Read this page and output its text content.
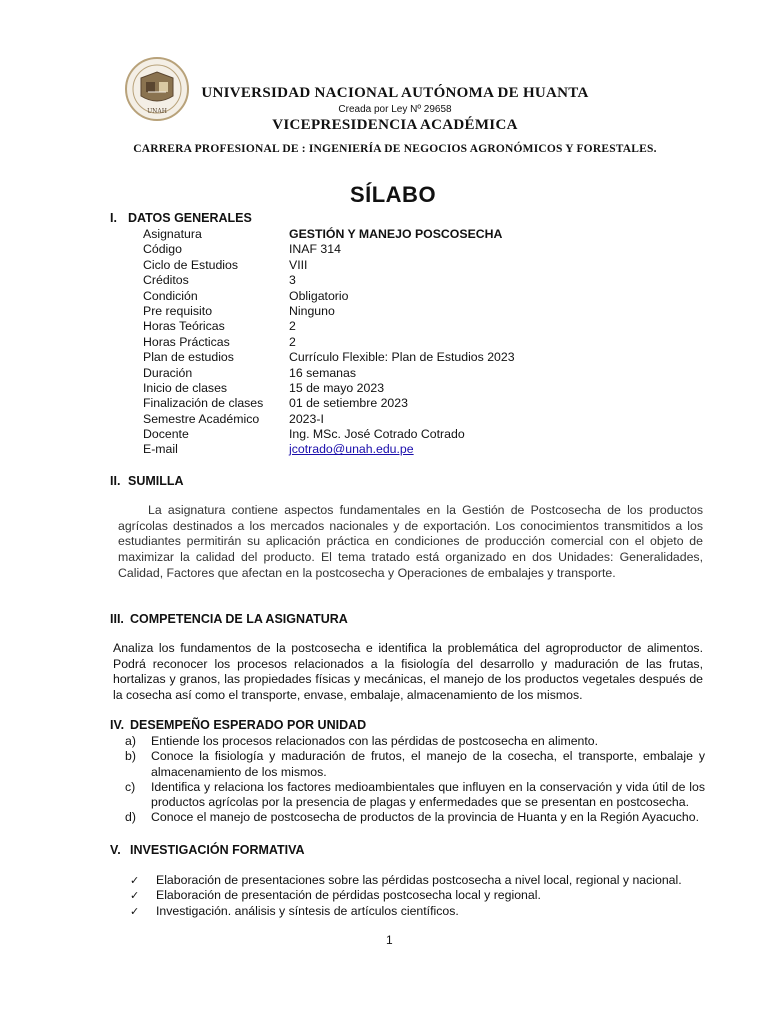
UNAH
UNIVERSIDAD NACIONAL AUTÓNOMA DE HUANTA
Creada por Ley Nº 29658
VICEPRESIDENCIA ACADÉMICA
CARRERA PROFESIONAL DE : INGENIERÍA DE NEGOCIOS AGRONÓMICOS Y FORESTALES.
SÍLABO
I. DATOS GENERALES
Asignatura	GESTIÓN Y MANEJO POSCOSECHA
Código	INAF 314
Ciclo de Estudios	VIII
Créditos	3
Condición	Obligatorio
Pre requisito	Ninguno
Horas Teóricas	2
Horas Prácticas	2
Plan de estudios	Currículo Flexible: Plan de Estudios 2023
Duración	16 semanas
Inicio de clases	15 de mayo 2023
Finalización de clases	01 de setiembre 2023
Semestre Académico	2023-I
Docente	Ing. MSc. José Cotrado Cotrado
E-mail	jcotrado@unah.edu.pe
II. SUMILLA

La asignatura contiene aspectos fundamentales en la Gestión de Postcosecha de los productos agrícolas destinados a los mercados nacionales y de exportación. Los conocimientos transmitidos a los estudiantes permitirán su aplicación práctica en condiciones de producción comercial con el objeto de maximizar la calidad del producto. El tema tratado está organizado en dos Unidades: Generalidades, Calidad, Factores que afectan en la postcosecha y Operaciones de embalajes y transporte.

III. COMPETENCIA DE LA ASIGNATURA

Analiza los fundamentos de la postcosecha e identifica la problemática del agroproductor de alimentos. Podrá reconocer los procesos relacionados a la fisiología del desarrollo y maduración de las frutas, hortalizas y granos, las propiedades físicas y mecánicas, el manejo de los productos vegetales después de la cosecha así como el transporte, envase, embalaje, almacenamiento de los mismos.

IV. DESEMPEÑO ESPERADO POR UNIDAD
a)	Entiende los procesos relacionados con las pérdidas de postcosecha en alimento.
b)	Conoce la fisiología y maduración de frutos, el manejo de la cosecha, el transporte, embalaje y almacenamiento de los mismos.
c)	Identifica y relaciona los factores medioambientales que influyen en la conservación y vida útil de los productos agrícolas por la presencia de plagas y enfermedades que se presentan en postcosecha.
d)	Conoce el manejo de postcosecha de productos de la provincia de Huanta y en la Región Ayacucho.
V. INVESTIGACIÓN FORMATIVA
✓	Elaboración de presentaciones sobre las pérdidas postcosecha a nivel local, regional y nacional.
✓	Elaboración de presentación de pérdidas postcosecha local y regional.
✓	Investigación. análisis y síntesis de artículos científicos.
1
